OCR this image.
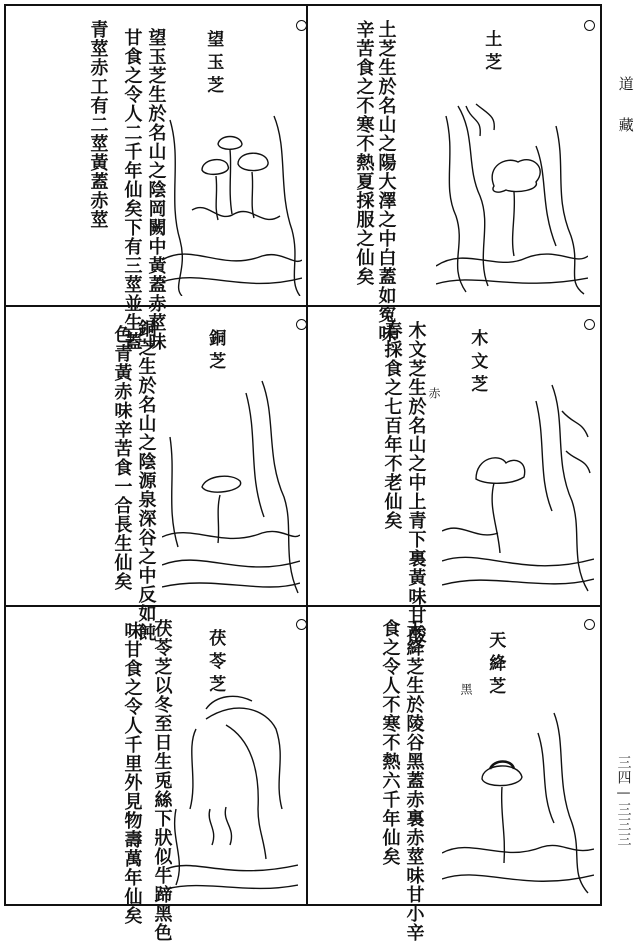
道藏
三四—三三三
土芝
土芝生於名山之陽大澤之中白蓋如寃味
辛苦食之不寒不熱夏採服之仙矣
望玉芝
望玉芝生於名山之陰岡闕中黃蓋赤莖味
甘食之令人二千年仙矣下有三莖並生蓋
青莖赤工有二莖黃蓋赤莖
木文芝
木文芝生於名山之中上青下裏黃味甘酸
春採食之七百年不老仙矣 赤
銅芝
銅芝生於名山之陰源泉深谷之中反如飩
色青黃赤味辛苦食一合長生仙矣
天絳芝
天絳芝生於陵谷黑蓋赤裏赤莖味甘小辛
食之令人不寒不熱六千年仙矣	黑
茯苓芝
茯苓芝以冬至日生兎絲下狀似牛蹄黑色
味甘食之令人千里外見物壽萬年仙矣
